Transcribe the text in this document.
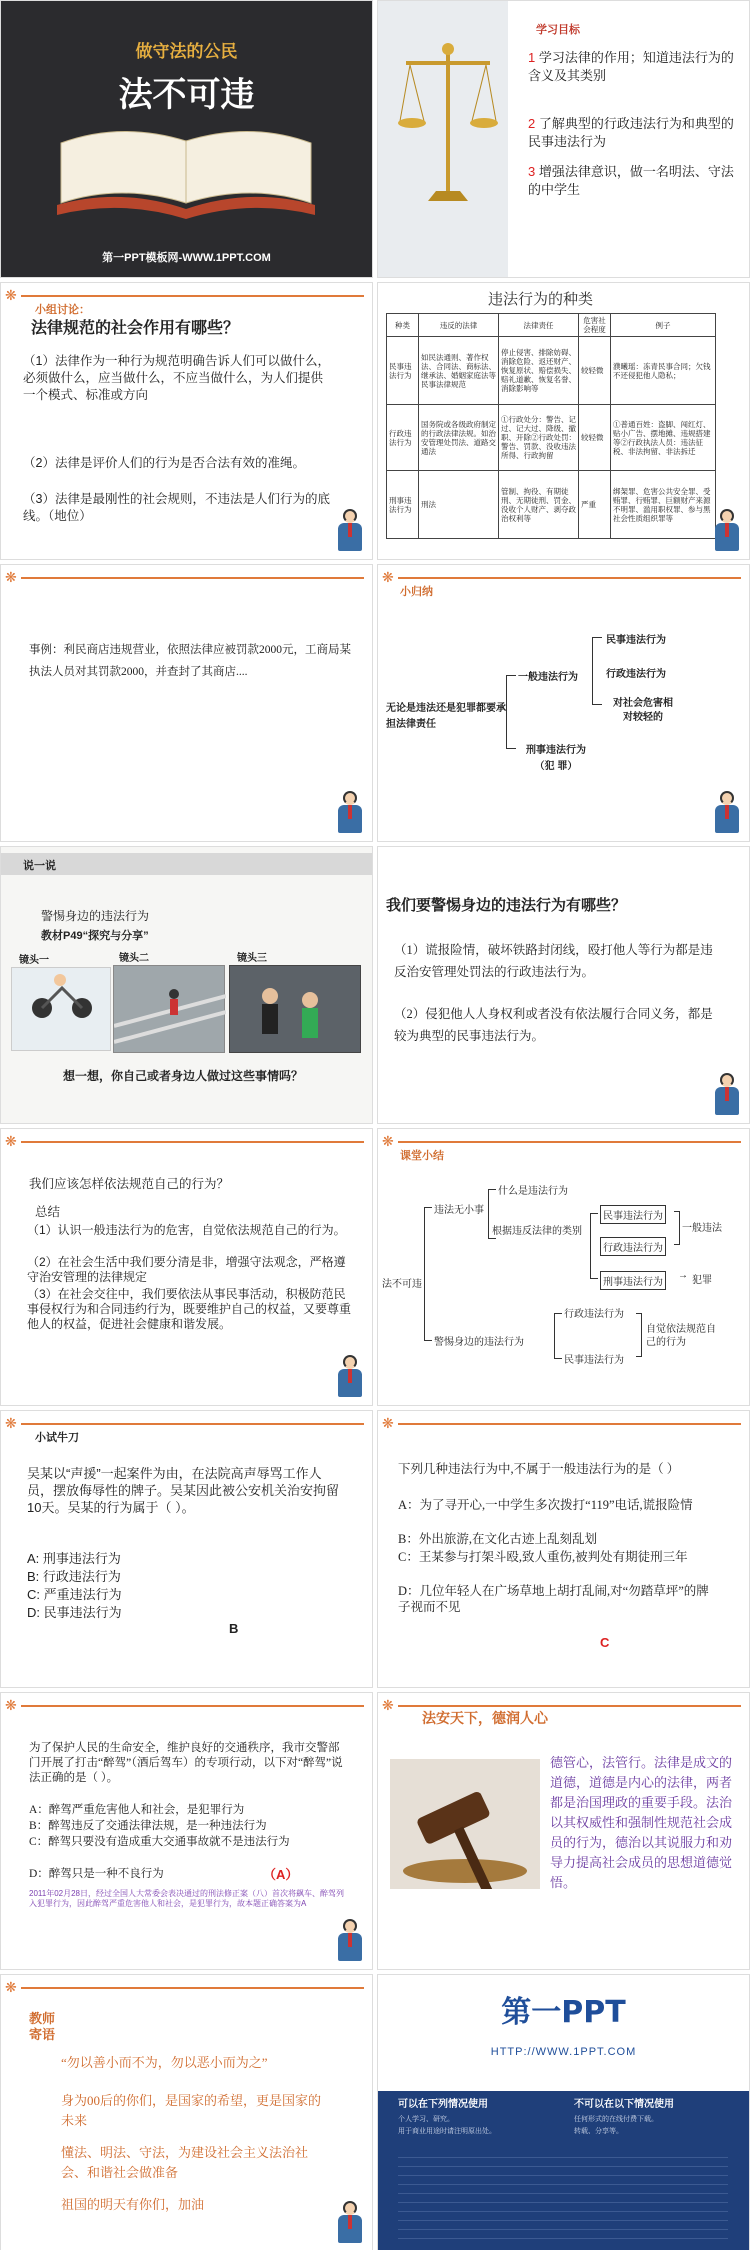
做守法的公民
法不可违
第一PPT模板网-WWW.1PPT.COM
学习目标
1 学习法律的作用；知道违法行为的含义及其类别
2 了解典型的行政违法行为和典型的民事违法行为
3 增强法律意识，做一名明法、守法的中学生
❋
小组讨论：
法律规范的社会作用有哪些？
（1）法律作为一种行为规范明确告诉人们可以做什么，必须做什么，应当做什么，不应当做什么，为人们提供一个模式、标准或方向
（2）法律是评价人们的行为是否合法有效的准绳。
（3）法律是最刚性的社会规则，不违法是人们行为的底线。（地位）
违法行为的种类
种类	违反的法律	法律责任	危害社会程度	例子
民事违法行为	如民法通则、著作权法、合同法、商标法、继承法、婚姻家庭法等民事法律规范	停止侵害、排除妨碍、消除危险、返还财产、恢复原状、赔偿损失、赔礼道歉、恢复名誉、消除影响等	较轻微	濮曦瑶：冻青民事合同；欠钱不还侵犯他人隐私；
行政违法行为	国务院或各级政府制定的行政法律法规。如治安管理处罚法、道路交通法	①行政处分：警告、记过、记大过、降级、撤职、开除②行政处罚：警告、罚款、没收违法所得、行政拘留	较轻微	①普通百姓：盗脚、闯红灯、贴小广告、摆地摊、违规搭建等②行政执法人员：违法征税、非法拘留、非法拆迁
刑事违法行为	刑法	管制、拘役、有期徒刑、无期徒刑、罚金、没收个人财产、剥夺政治权利等	严重	绑架罪、危害公共安全罪、受贿罪、行贿罪、巨额财产来源不明罪、滥用职权罪、参与黑社会性质组织罪等
❋
事例：利民商店违规营业，依照法律应被罚款2000元，工商局某执法人员对其罚款2000，并查封了其商店....
❋
小归纳
无论是违法还是犯罪都要承担法律责任
一般违法行为
刑事违法行为（犯 罪）
民事违法行为
行政违法行为
对社会危害相对较轻的
说一说
警惕身边的违法行为
教材P49“探究与分享”
镜头一	镜头二	镜头三
想一想，你自己或者身边人做过这些事情吗？
我们要警惕身边的违法行为有哪些？
（1）谎报险情，破坏铁路封闭线，殴打他人等行为都是违反治安管理处罚法的行政违法行为。
（2）侵犯他人人身权利或者没有依法履行合同义务，都是较为典型的民事违法行为。
❋
我们应该怎样依法规范自己的行为？
总结
（1）认识一般违法行为的危害，自觉依法规范自己的行为。
（2）在社会生活中我们要分清是非，增强守法观念，严格遵守治安管理的法律规定
（3）在社会交往中，我们要依法从事民事活动，积极防范民事侵权行为和合同违约行为，既要维护自己的权益，又要尊重他人的权益，促进社会健康和谐发展。
❋
课堂小结
法不可违
违法无小事
什么是违法行为
根据违反法律的类别
民事违法行为
行政违法行为
刑事违法行为
一般违法
犯罪
→
警惕身边的违法行为
行政违法行为
民事违法行为
自觉依法规范自己的行为
❋
小试牛刀
吴某以“声援”一起案件为由，在法院高声辱骂工作人员，摆放侮辱性的牌子。吴某因此被公安机关治安拘留10天。吴某的行为属于（ ）。
A: 刑事违法行为
B: 行政违法行为
C: 严重违法行为
D: 民事违法行为
B
❋
下列几种违法行为中,不属于一般违法行为的是（ ）
A：为了寻开心,一中学生多次拨打“119”电话,谎报险情
B：外出旅游,在文化古迹上乱刻乱划
C：王某参与打架斗殴,致人重伤,被判处有期徒刑三年
D：几位年轻人在广场草地上胡打乱闹,对“勿踏草坪”的牌子视而不见
C
❋
为了保护人民的生命安全，维护良好的交通秩序，我市交警部门开展了打击“醉驾”（酒后驾车）的专项行动，以下对“醉驾”说法正确的是（ ）。
A：醉驾严重危害他人和社会，是犯罪行为
B：醉驾违反了交通法律法规，是一种违法行为
C：醉驾只要没有造成重大交通事故就不是违法行为
D：醉驾只是一种不良行为	（A）
2011年02月28日，经过全国人大常委会表决通过的刑法修正案（八）首次将飙车、醉驾列入犯罪行为，因此醉驾严重危害他人和社会，是犯罪行为，故本题正确答案为A
❋
法安天下，德润人心
德管心，法管行。法律是成文的道德，道德是内心的法律，两者都是治国理政的重要手段。法治以其权威性和强制性规范社会成员的行为，德治以其说服力和劝导力提高社会成员的思想道德觉悟。
❋
教师
寄语
“勿以善小而不为，勿以恶小而为之”
身为00后的你们，是国家的希望，更是国家的未来
懂法、明法、守法，为建设社会主义法治社会、和谐社会做准备
祖国的明天有你们，加油
第一PPT
HTTP://WWW.1PPT.COM
可以在下列情况使用	不可以在以下情况使用
个人学习、研究。
用于商业用途时请注明原出处。
任何形式的在线付费下载。
转载、分享等。
